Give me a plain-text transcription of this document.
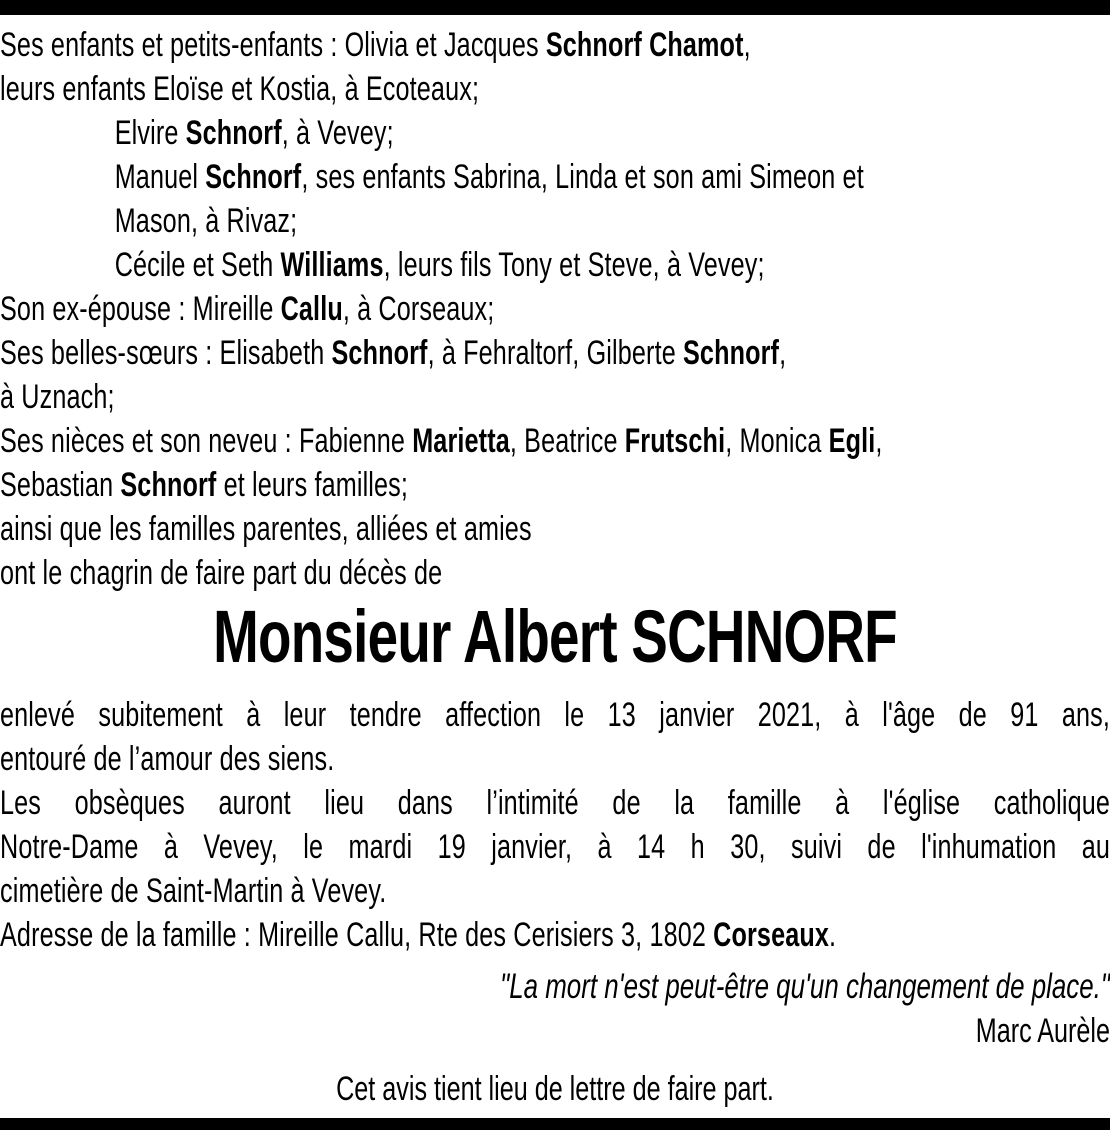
Ses enfants et petits-enfants : Olivia et Jacques Schnorf Chamot,
leurs enfants Eloïse et Kostia, à Ecoteaux;
Elvire Schnorf, à Vevey;
Manuel Schnorf, ses enfants Sabrina, Linda et son ami Simeon et
Mason, à Rivaz;
Cécile et Seth Williams, leurs fils Tony et Steve, à Vevey;
Son ex-épouse : Mireille Callu, à Corseaux;
Ses belles-sœurs : Elisabeth Schnorf, à Fehraltorf, Gilberte Schnorf,
à Uznach;
Ses nièces et son neveu : Fabienne Marietta, Beatrice Frutschi, Monica Egli,
Sebastian Schnorf et leurs familles;
ainsi que les familles parentes, alliées et amies
ont le chagrin de faire part du décès de
Monsieur Albert SCHNORF
enlevé subitement à leur tendre affection le 13 janvier 2021, à l'âge de 91 ans,
entouré de l’amour des siens.
Les obsèques auront lieu dans l’intimité de la famille à l'église catholique
Notre-Dame à Vevey, le mardi 19 janvier, à 14 h 30, suivi de l'inhumation au
cimetière de Saint-Martin à Vevey.
Adresse de la famille : Mireille Callu, Rte des Cerisiers 3, 1802 Corseaux.
"La mort n'est peut-être qu'un changement de place."
Marc Aurèle
Cet avis tient lieu de lettre de faire part.
